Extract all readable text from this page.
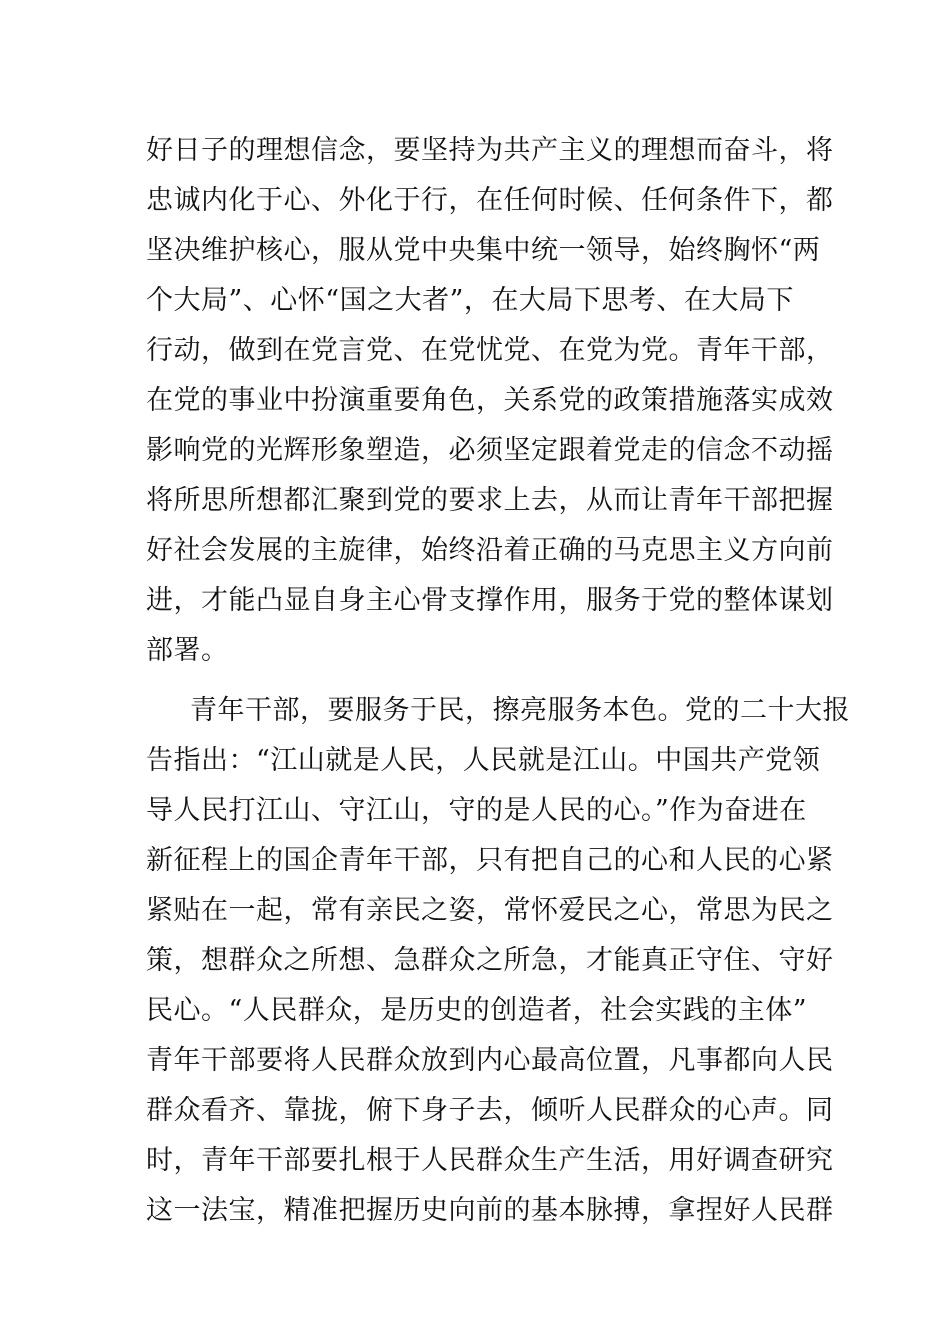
好日子的理想信念，要坚持为共产主义的理想而奋斗，将
忠诚内化于心、外化于行，在任何时候、任何条件下，都
坚决维护核心，服从党中央集中统一领导，始终胸怀“两
个大局”、心怀“国之大者”，在大局下思考、在大局下
行动，做到在党言党、在党忧党、在党为党。青年干部，
在党的事业中扮演重要角色，关系党的政策措施落实成效
影响党的光辉形象塑造，必须坚定跟着党走的信念不动摇
将所思所想都汇聚到党的要求上去，从而让青年干部把握
好社会发展的主旋律，始终沿着正确的马克思主义方向前
进，才能凸显自身主心骨支撑作用，服务于党的整体谋划
部署。
青年干部，要服务于民，擦亮服务本色。党的二十大报
告指出：“江山就是人民，人民就是江山。中国共产党领
导人民打江山、守江山，守的是人民的心。”作为奋进在
新征程上的国企青年干部，只有把自己的心和人民的心紧
紧贴在一起，常有亲民之姿，常怀爱民之心，常思为民之
策，想群众之所想、急群众之所急，才能真正守住、守好
民心。“人民群众，是历史的创造者，社会实践的主体”
青年干部要将人民群众放到内心最高位置，凡事都向人民
群众看齐、靠拢，俯下身子去，倾听人民群众的心声。同
时，青年干部要扎根于人民群众生产生活，用好调查研究
这一法宝，精准把握历史向前的基本脉搏，拿捏好人民群
